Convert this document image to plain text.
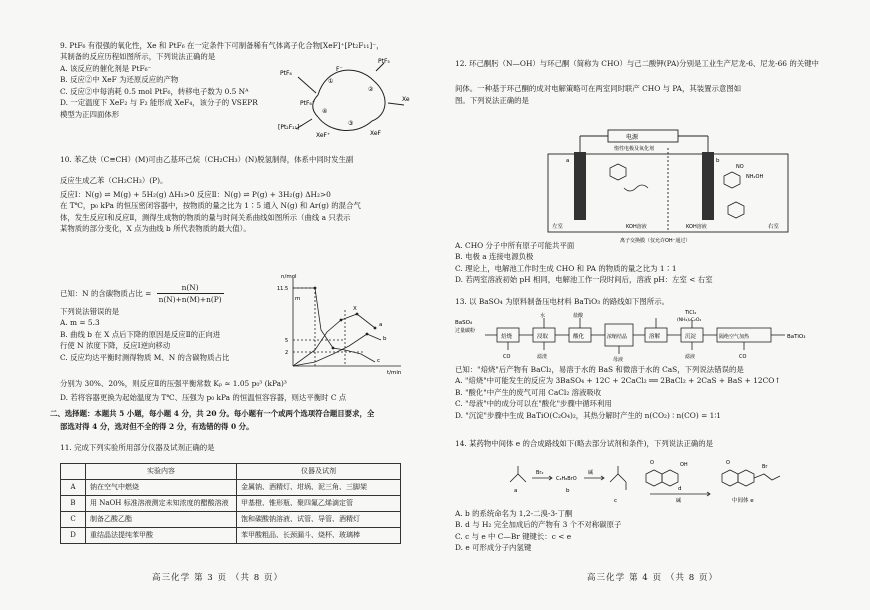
9. PtF₆ 有很强的氧化性，Xe 和 PtF₆ 在一定条件下可制备稀有气体离子化合物[XeF]⁺[Pt₂F₁₁]⁻，
其制备的反应历程如图所示，下列说法正确的是
A. 该反应的催化剂是 PtF₆⁻
B. 反应②中 XeF 为还原反应的产物
C. 反应②中每消耗 0.5 mol PtF₆，转移电子数为 0.5 Nᴬ
D. 一定温度下 XeF₂ 与 F₂ 能形成 XeF₄，该分子的 VSEPR
模型为正四面体形
PtF₆
F⁻
PtF₅
PtF₆⁻
①
②
③
④
Xe
XeF⁺	XeF
[Pt₂F₁₁]⁻
10. 苯乙炔（C≡CH）(M)可由乙基环己烷（CH₂CH₃）(N)脱氢制得，体系中同时发生副
反应生成乙苯（CH₂CH₃）(P)。
反应Ⅰ：N(g) ⇌ M(g) + 5H₂(g) ΔH₁>0 反应Ⅱ：N(g) ⇌ P(g) + 3H₂(g) ΔH₂>0
在 T℃，p₀ kPa 的恒压密闭容器中，按物质的量之比为 1∶5 通入 N(g) 和 Ar(g) 的混合气
体，发生反应Ⅰ和反应Ⅱ，测得生成物的物质的量与时间关系曲线如图所示（曲线 a 只表示
某物质的部分变化，X 点为曲线 b 所代表物质的最大值）。
已知：N 的含碳物质占比 = $\frac{n(N)}{n(N)+n(M)+n(P)}$
下列说法错误的是
A. m = 5.3
B. 曲线 b 在 X 点后下降的原因是反应Ⅱ的正向进
行使 N 浓度下降，反应Ⅰ逆向移动
C. 反应均达平衡时测得物质 M、N 的含碳物质占比
分别为 30%、20%，则反应Ⅱ的压强平衡常数 Kₚ ≈ 1.05 p₀³ (kPa)³
D. 若将容器更换为起始温度为 T℃、压强为 p₀ kPa 的恒温恒容容器，则达平衡时 C 点
n/mol
t/min
a
b
c
X
m
11.5
5
2
二、选择题：本题共 5 小题，每小题 4 分，共 20 分。每小题有一个或两个选项符合题目要求，全
部选对得 4 分，选对但不全的得 2 分，有选错的得 0 分。
11. 完成下列实验所用部分仪器及试剂正确的是
	实验内容	仪器及试剂
A	钠在空气中燃烧	金属钠、酒精灯、坩埚、泥三角、三脚架
B	用 NaOH 标准溶液测定未知浓度的醋酸溶液	甲基橙、锥形瓶、聚四氟乙烯滴定管
C	制备乙酸乙酯	饱和碳酸钠溶液、试管、导管、酒精灯
D	重结晶法提纯苯甲酸	苯甲酸粗品、长颈漏斗、烧杯、玻璃棒
高三化学 第 3 页 （共 8 页）
12. 环己酮肟（N—OH）与环己酮（简称为 CHO）与己二酸钾(PA)分别是工业生产尼龙-6、尼龙-66 的关键中
间体。一种基于环己酮的成对电解策略可在两室同时联产 CHO 与 PA，其装置示意图如
图。下列说法正确的是
电源
惰性电极及氧化剂
左室	右室
KOH溶液	KOH溶液
离子交换膜（仅允许OH⁻通过）
NO
NH₂OH
a	b
A. CHO 分子中所有原子可能共平面
B. 电极 a 连接电源负极
C. 理论上，电解池工作时生成 CHO 和 PA 的物质的量之比为 1∶1
D. 若两室溶液初始 pH 相同，电解池工作一段时间后，溶液 pH：左室 < 右室
13. 以 BaSO₄ 为原料制备压电材料 BaTiO₃ 的路线如下图所示。
BaSO₄
过量碳粉
焙烧	浸取	酸化	浓缩结晶	溶解	沉淀	隔绝空气加热	BaTiO₃
CO	滤渣
水	盐酸
母液
TiCl₄
(NH₄)₂C₂O₄
滤液	CO
已知："焙烧"后产物有 BaCl₂，易溶于水的 BaS 和微溶于水的 CaS，下列说法错误的是
A. "焙烧"中可能发生的反应为 3BaSO₄ + 12C + 2CaCl₂ ══ 2BaCl₂ + 2CaS + BaS + 12CO↑
B. "酸化"中产生的废气可用 CaCl₂ 溶液吸收
C. "母液"中的成分可以在"酸化"步骤中循环利用
D. "沉淀"步骤中生成 BaTiO(C₂O₄)₂，其热分解时产生的 n(CO₂) ∶ n(CO) = 1∶1
14. 某药物中间体 e 的合成路线如下(略去部分试剂和条件)，下列说法正确的是
a
Br₂
C₄H₈BrO
b
碱
c
d
碱	中间体 e
OH
O	O
Br
A. b 的系统命名为 1,2-二溴-3-丁酮
B. d 与 H₂ 完全加成后的产物有 3 个不对称碳原子
C. c 与 e 中 C—Br 键键长：c < e
D. e 可形成分子内氢键
高三化学 第 4 页 （共 8 页）
